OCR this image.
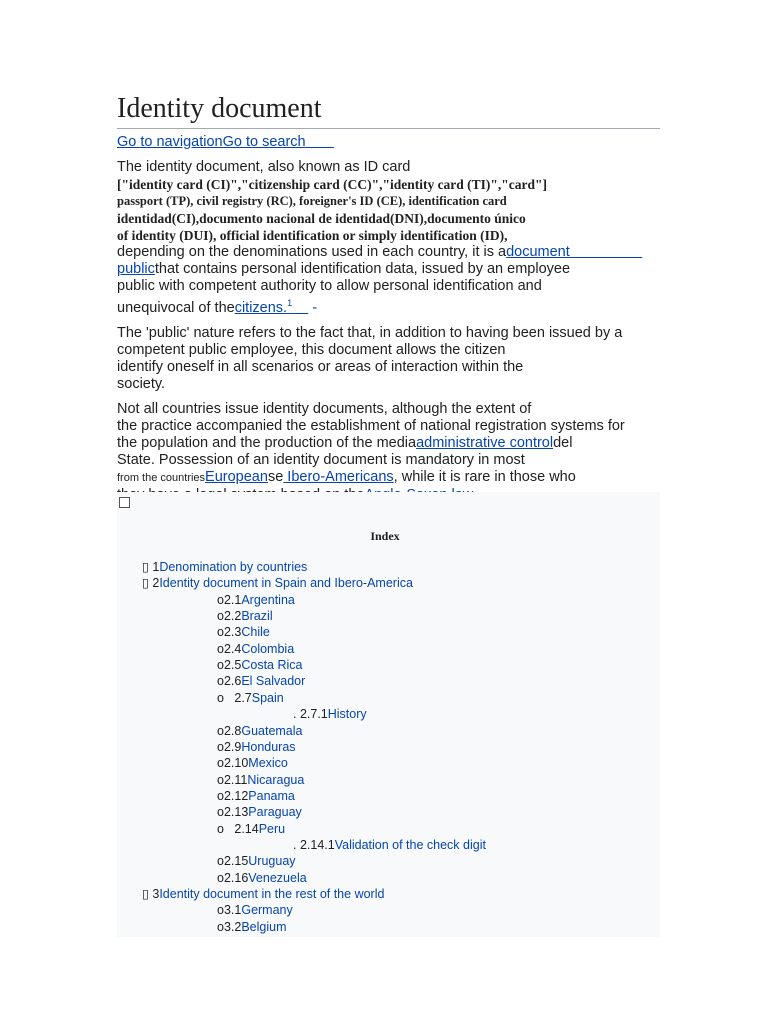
Identity document
Go to navigationGo to search
The identity document, also known as ID card
["identity card (CI)","citizenship card (CC)","identity card (TI)","card"]
passport (TP), civil registry (RC), foreigner's ID (CE), identification card
identidad(CI),documento nacional de identidad(DNI),documento único
of identity (DUI), official identification or simply identification (ID),
depending on the denominations used in each country, it is adocument
publicthat contains personal identification data, issued by an employee
public with competent authority to allow personal identification and
unequivocal of thecitizens.$^1$ -
The 'public' nature refers to the fact that, in addition to having been issued by a
competent public employee, this document allows the citizen
identify oneself in all scenarios or areas of interaction within the
society.
Not all countries issue identity documents, although the extent of
the practice accompanied the establishment of national registration systems for
the population and the production of the mediaadministrative controldel
State. Possession of an identity document is mandatory in most
from the countriesEuropeanse Ibero-Americans, while it is rare in those who

Index
▯ 1Denomination by countries
▯ 2Identity document in Spain and Ibero-America
o2.1Argentina
o2.2Brazil
o2.3Chile
o2.4Colombia
o2.5Costa Rica
o2.6El Salvador
o   2.7Spain
. 2.7.1History
o2.8Guatemala
o2.9Honduras
o2.10Mexico
o2.11Nicaragua
o2.12Panama
o2.13Paraguay
o   2.14Peru
. 2.14.1Validation of the check digit
o2.15Uruguay
o2.16Venezuela
▯ 3Identity document in the rest of the world
o3.1Germany
o3.2Belgium
